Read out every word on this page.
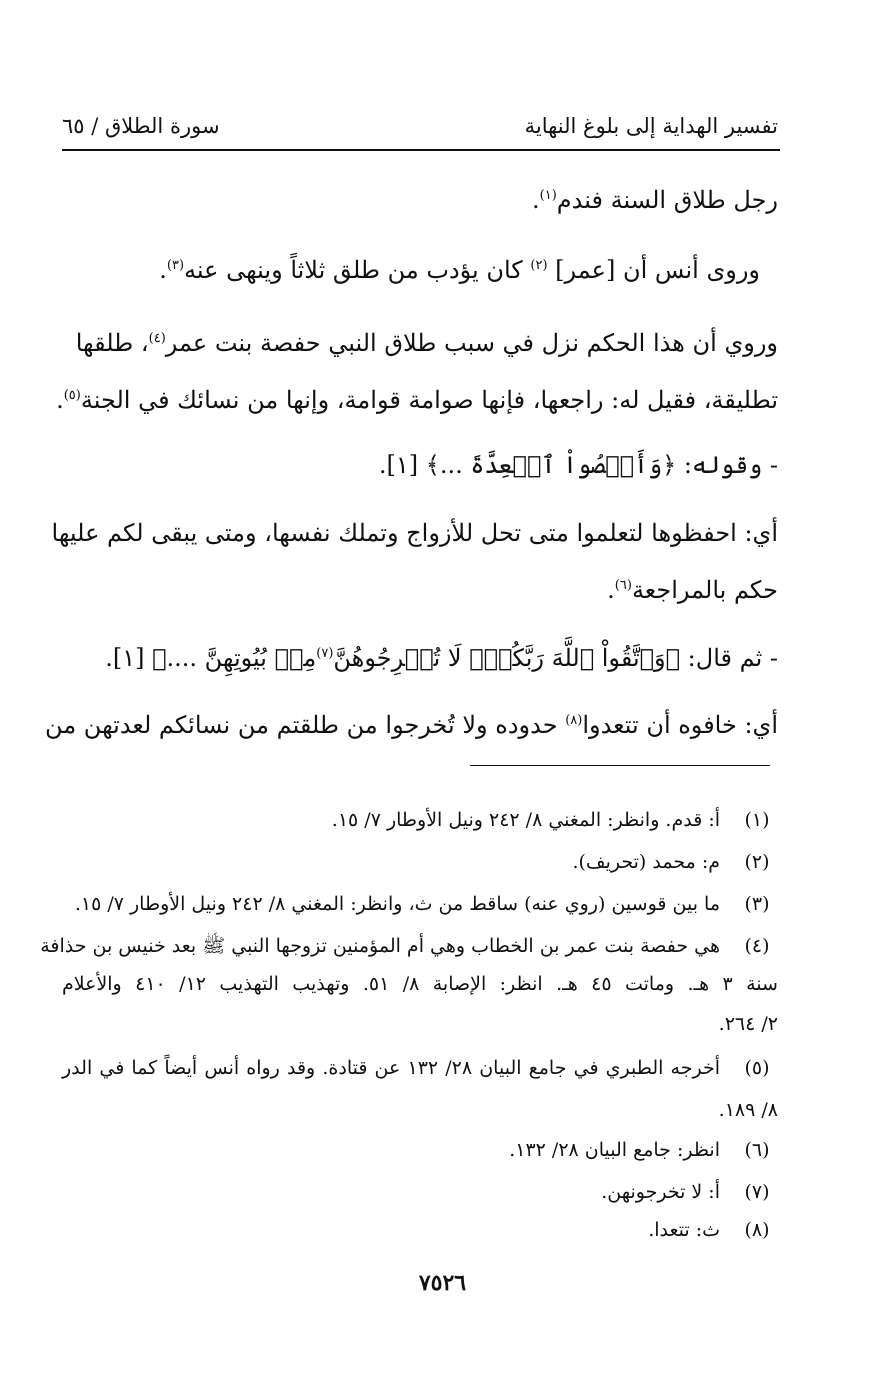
تفسير الهداية إلى بلوغ النهاية
سورة الطلاق / ٦٥
رجل طلاق السنة فندم$^{(١)}$.
وروى أنس أن [عمر] $^{(٢)}$ كان يؤدب من طلق ثلاثاً وينهى عنه$^{(٣)}$.
وروي أن هذا الحكم نزل في سبب طلاق النبي حفصة بنت عمر$^{(٤)}$، طلقها
تطليقة، فقيل له: راجعها، فإنها صوامة قوامة، وإنها من نسائك في الجنة$^{(٥)}$.
- وقوله: ﴿وَأَحۡصُواْ ٱلۡعِدَّةَ ...﴾ [١].
أي: احفظوها لتعلموا متى تحل للأزواج وتملك نفسها، ومتى يبقى لكم عليها
حكم بالمراجعة$^{(٦)}$.
- ثم قال: ﴿وَٱتَّقُواْ ٱللَّهَ رَبَّكُمۡۖ لَا تُخۡرِجُوهُنَّ$^{(٧)}$مِنۢ بُيُوتِهِنَّ ....﴾ [١].
أي: خافوه أن تتعدوا$^{(٨)}$ حدوده ولا تُخرجوا من طلقتم من نسائكم لعدتهن من
(١)
أ: قدم. وانظر: المغني ٨/ ٢٤٢ ونيل الأوطار ٧/ ١٥.
(٢)
م: محمد (تحريف).
(٣)
ما بين قوسين (روي عنه) ساقط من ث، وانظر: المغني ٨/ ٢٤٢ ونيل الأوطار ٧/ ١٥.
(٤)
هي حفصة بنت عمر بن الخطاب وهي أم المؤمنين تزوجها النبي ﷺ بعد خنيس بن حذافة
سنة ٣ هـ. وماتت ٤٥ هـ. انظر: الإصابة ٨/ ٥١. وتهذيب التهذيب ١٢/ ٤١٠ والأعلام
٢/ ٢٦٤.
(٥)
أخرجه الطبري في جامع البيان ٢٨/ ١٣٢ عن قتادة. وقد رواه أنس أيضاً كما في الدر
٨/ ١٨٩.
(٦)
انظر: جامع البيان ٢٨/ ١٣٢.
(٧)
أ: لا تخرجونهن.
(٨)
ث: تتعدا.
٧٥٢٦
